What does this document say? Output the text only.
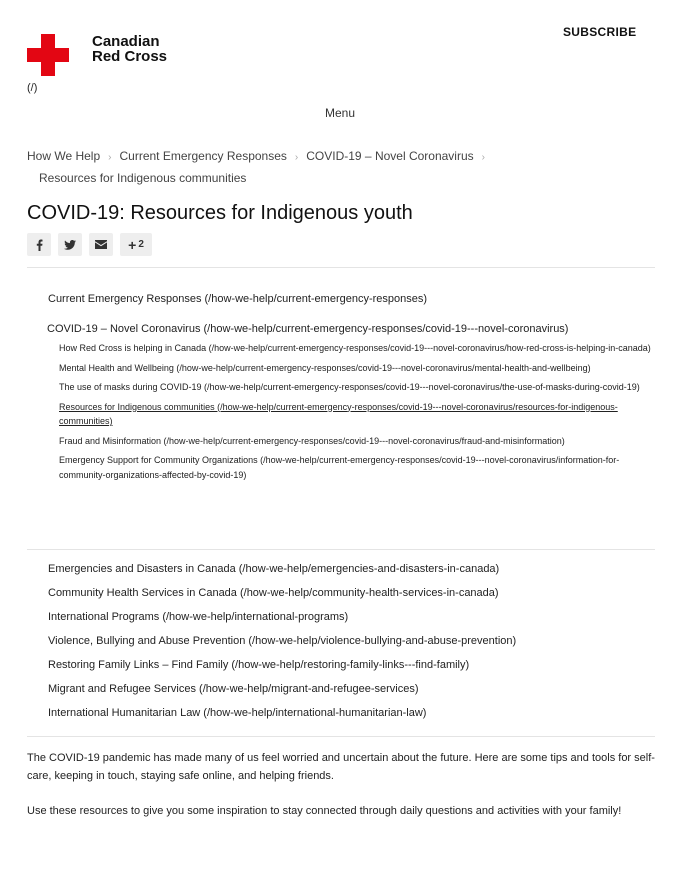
SUBSCRIBE
Canadian
Red Cross
(/)
Menu
How We Help › Current Emergency Responses › COVID-19 – Novel Coronavirus ›
Resources for Indigenous communities
COVID-19: Resources for Indigenous youth
+ 2
Current Emergency Responses (/how-we-help/current-emergency-responses)
COVID-19 – Novel Coronavirus (/how-we-help/current-emergency-responses/covid-19---novel-coronavirus)
How Red Cross is helping in Canada (/how-we-help/current-emergency-responses/covid-19---novel-coronavirus/how-red-cross-is-helping-in-canada)
Mental Health and Wellbeing (/how-we-help/current-emergency-responses/covid-19---novel-coronavirus/mental-health-and-wellbeing)
The use of masks during COVID-19 (/how-we-help/current-emergency-responses/covid-19---novel-coronavirus/the-use-of-masks-during-covid-19)
Resources for Indigenous communities (/how-we-help/current-emergency-responses/covid-19---novel-coronavirus/resources-for-indigenous-communities)
Fraud and Misinformation (/how-we-help/current-emergency-responses/covid-19---novel-coronavirus/fraud-and-misinformation)
Emergency Support for Community Organizations (/how-we-help/current-emergency-responses/covid-19---novel-coronavirus/information-for-community-organizations-affected-by-covid-19)
Emergencies and Disasters in Canada (/how-we-help/emergencies-and-disasters-in-canada)
Community Health Services in Canada (/how-we-help/community-health-services-in-canada)
International Programs (/how-we-help/international-programs)
Violence, Bullying and Abuse Prevention (/how-we-help/violence-bullying-and-abuse-prevention)
Restoring Family Links – Find Family (/how-we-help/restoring-family-links---find-family)
Migrant and Refugee Services (/how-we-help/migrant-and-refugee-services)
International Humanitarian Law (/how-we-help/international-humanitarian-law)

The COVID-19 pandemic has made many of us feel worried and uncertain about the future. Here are some tips and tools for self-care, keeping in touch, staying safe online, and helping friends.

Use these resources to give you some inspiration to stay connected through daily questions and activities with your family!
